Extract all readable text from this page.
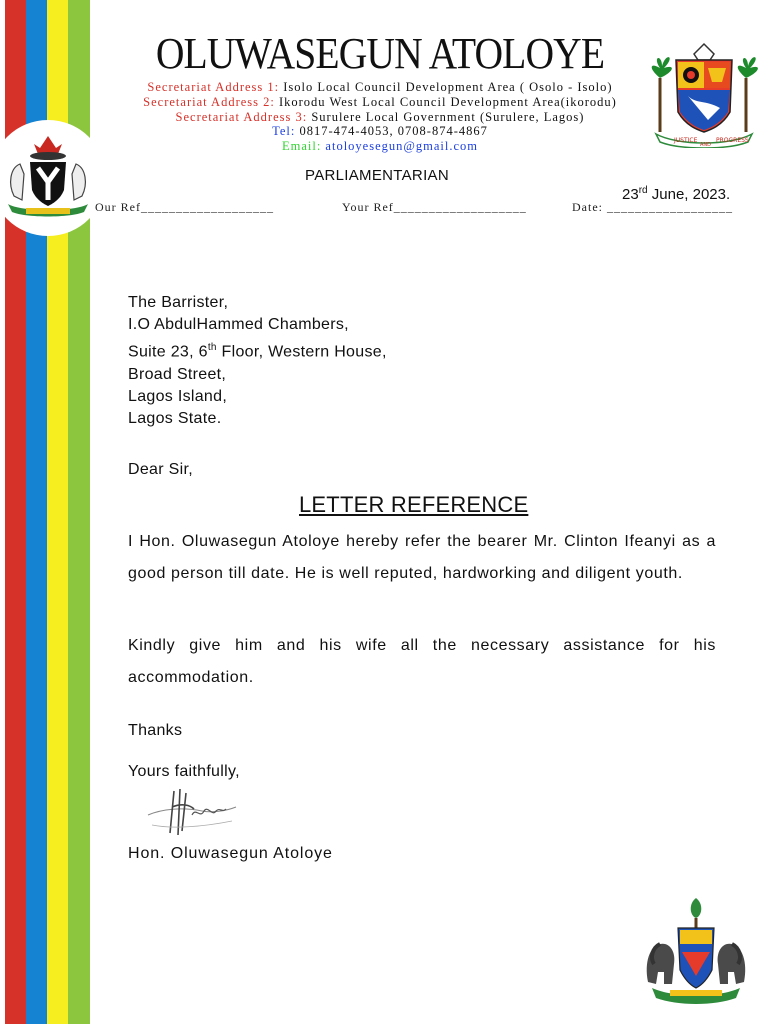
OLUWASEGUN ATOLOYE
Secretariat Address 1: Isolo Local Council Development Area ( Osolo - Isolo)
Secretariat Address 2: Ikorodu West Local Council Development Area(ikorodu)
Secretariat Address 3: Surulere Local Government (Surulere, Lagos)
Tel: 0817-474-4053, 0708-874-4867
Email: atoloyesegun@gmail.com	JUSTICE
AND
PROGRESS
PARLIAMENTARIAN
Our Ref___________________	Your Ref___________________	Date: __________________
23rd June, 2023.
The Barrister,
I.O AbdulHammed Chambers,
Suite 23, 6th Floor, Western House,
Broad Street,
Lagos Island,
Lagos State.
Dear Sir,
LETTER REFERENCE
I Hon. Oluwasegun Atoloye hereby refer the bearer Mr. Clinton Ifeanyi as a good person till date. He is well reputed, hardworking and diligent youth.
Kindly give him and his wife all the necessary assistance for his accommodation.
Thanks
Yours faithfully,
Hon. Oluwasegun Atoloye
